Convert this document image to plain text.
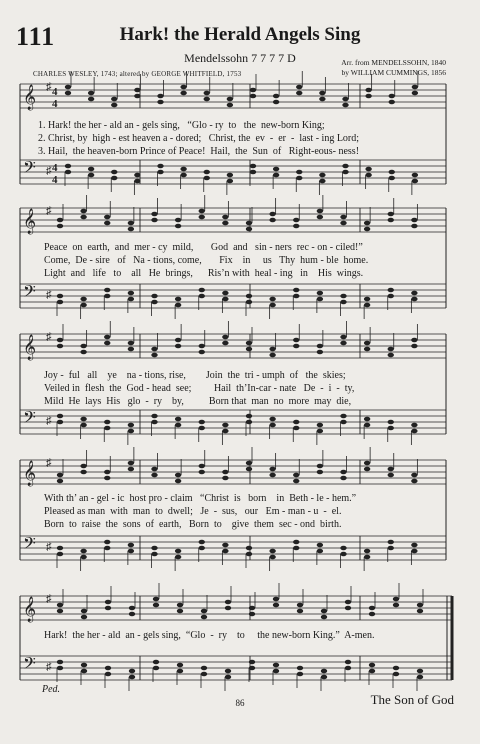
111	Hark! the Herald Angels Sing
Mendelssohn 7 7 7 7 D
CHARLES WESLEY, 1743; altered by GEORGE WHITFIELD, 1753
Arr. from MENDELSSOHN, 1840
by WILLIAM CUMMINGS, 1856
𝄞
𝄢
♯
♯
4
4
4
4
𝄞
𝄢
♯
♯
𝄞
𝄢
♯
♯
𝄞
𝄢
♯
♯
𝄞
𝄢
♯
♯
1. Hark! the her - ald an - gels sing,   “Glo - ry  to   the  new-born King;
2. Christ, by  high - est heaven a - dored;   Christ, the  ev  -  er  -  last - ing Lord;
3. Hail,  the heaven-born Prince of Peace!  Hail,  the  Sun  of   Right-eous- ness!
Peace  on  earth,  and  mer - cy  mild,       God  and   sin - ners  rec - on - ciled!”
Come,  De - sire   of   Na - tions, come,       Fix    in     us   Thy  hum - ble  home.
Light  and   life   to    all   He  brings,      Ris’n with  heal - ing   in    His  wings.
Joy -  ful   all    ye    na - tions, rise,        Join  the  tri - umph  of   the  skies;
Veiled in  flesh  the  God - head  see;         Hail  th’In-car - nate   De  -  i  -  ty,
Mild  He  lays  His   glo  -  ry    by,          Born that  man  no  more  may  die,
With th’ an - gel - ic  host pro - claim   “Christ  is   born    in  Beth - le - hem.”
Pleased as man  with  man  to  dwell;   Je  -  sus,   our   Em - man - u  -  el.
Born  to  raise  the  sons  of  earth,   Born  to    give  them  sec - ond  birth.
Hark!  the her - ald  an - gels sing,  “Glo  -  ry    to     the new-born King.”  A-men.
Ped.
86	The Son of God
